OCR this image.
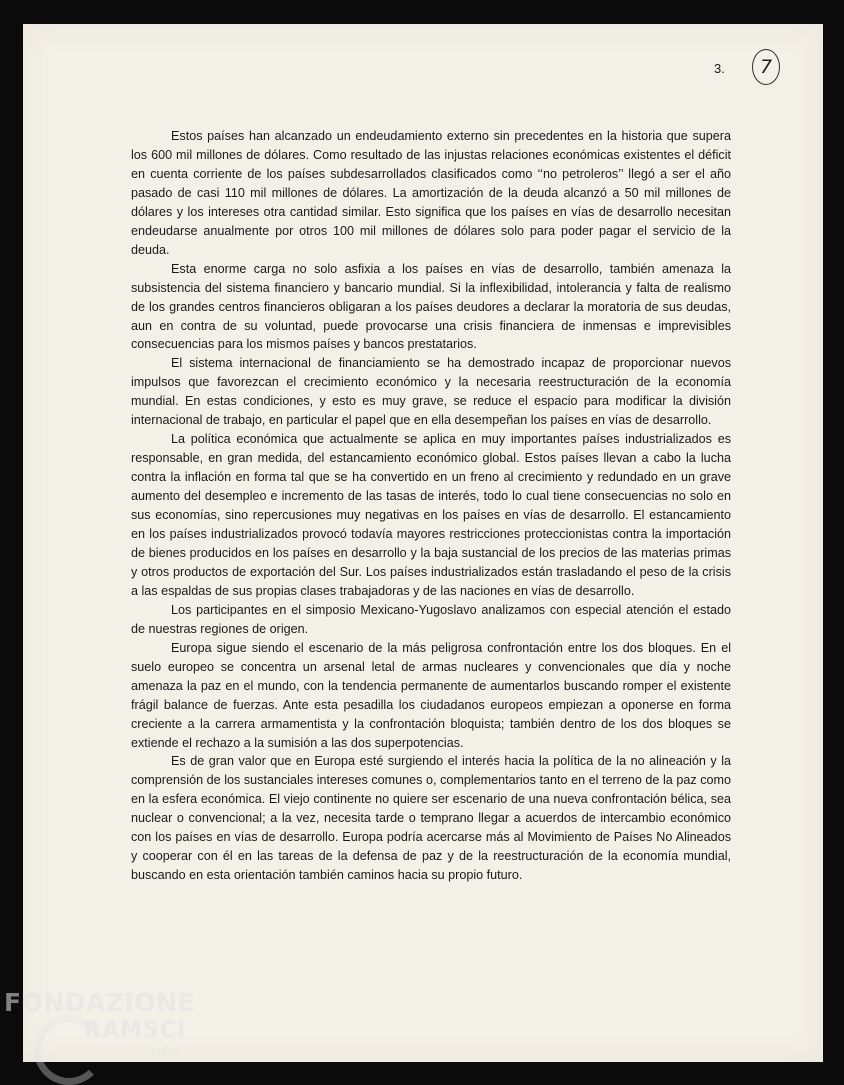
3.	7

Estos países han alcanzado un endeudamiento externo sin precedentes en la historia que supera los 600 mil millones de dólares. Como resultado de las injustas relaciones económicas existentes el déficit en cuenta corriente de los países subdesarrollados clasificados como ‘‘no petroleros’’ llegó a ser el año pasado de casi 110 mil millones de dólares. La amortización de la deuda alcanzó a 50 mil millones de dólares y los intereses otra cantidad similar. Esto significa que los países en vías de desarrollo necesitan endeudarse anualmente por otros 100 mil millones de dólares solo para poder pagar el servicio de la deuda.

Esta enorme carga no solo asfixia a los países en vías de desarrollo, también amenaza la subsistencia del sistema financiero y bancario mundial. Si la inflexibilidad, intolerancia y falta de realismo de los grandes centros financieros obligaran a los países deudores a declarar la moratoria de sus deudas, aun en contra de su voluntad, puede provocarse una crisis financiera de inmensas e imprevisibles consecuencias para los mismos países y bancos prestatarios.

El sistema internacional de financiamiento se ha demostrado incapaz de proporcionar nuevos impulsos que favorezcan el crecimiento económico y la necesaria reestructuración de la economía mundial. En estas condiciones, y esto es muy grave, se reduce el espacio para modificar la división internacional de trabajo, en particular el papel que en ella desempeñan los países en vías de desarrollo.

La política económica que actualmente se aplica en muy importantes países industrializados es responsable, en gran medida, del estancamiento económico global. Estos países llevan a cabo la lucha contra la inflación en forma tal que se ha convertido en un freno al crecimiento y redundado en un grave aumento del desempleo e incremento de las tasas de interés, todo lo cual tiene consecuencias no solo en sus economías, sino repercusiones muy negativas en los países en vías de desarrollo. El estancamiento en los países industrializados provocó todavía mayores restricciones proteccionistas contra la importación de bienes producidos en los países en desarrollo y la baja sustancial de los precios de las materias primas y otros productos de exportación del Sur. Los países industrializados están trasladando el peso de la crisis a las espaldas de sus propias clases trabajadoras y de las naciones en vías de desarrollo.

Los participantes en el simposio Mexicano-Yugoslavo analizamos con especial atención el estado de nuestras regiones de origen.

Europa sigue siendo el escenario de la más peligrosa confrontación entre los dos bloques. En el suelo europeo se concentra un arsenal letal de armas nucleares y convencionales que día y noche amenaza la paz en el mundo, con la tendencia permanente de aumentarlos buscando romper el existente frágil balance de fuerzas. Ante esta pesadilla los ciudadanos europeos empiezan a oponerse en forma creciente a la carrera armamentista y la confrontación bloquista; también dentro de los dos bloques se extiende el rechazo a la sumisión a las dos superpotencias.

Es de gran valor que en Europa esté surgiendo el interés hacia la política de la no alineación y la comprensión de los sustanciales intereses comunes o, complementarios tanto en el terreno de la paz como en la esfera económica. El viejo continente no quiere ser escenario de una nueva confrontación bélica, sea nuclear o convencional; a la vez, necesita tarde o temprano llegar a acuerdos de intercambio económico con los países en vías de desarrollo. Europa podría acercarse más al Movimiento de Países No Alineados y cooperar con él en las tareas de la defensa de paz y de la reestructuración de la economía mundial, buscando en esta orientación también caminos hacia su propio futuro.

FONDAZIONE
RAMSCI
onlus
